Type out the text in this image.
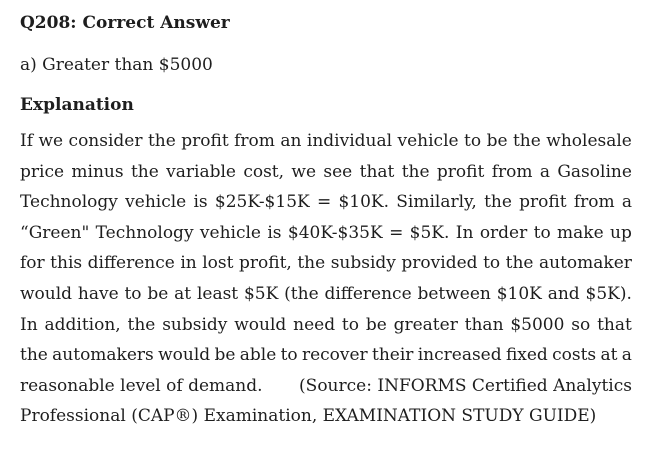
Q208: Correct Answer
a) Greater than $5000
Explanation
If we consider the profit from an individual vehicle to be the wholesale
price minus the variable cost, we see that the profit from a Gasoline
Technology vehicle is $25K-$15K = $10K. Similarly, the profit from a
“Green" Technology vehicle is $40K-$35K = $5K. In order to make up
for this difference in lost profit, the subsidy provided to the automaker
would have to be at least $5K (the difference between $10K and $5K).
In addition, the subsidy would need to be greater than $5000 so that
the automakers would be able to recover their increased fixed costs at a
reasonable level of demand. (Source: INFORMS Certified Analytics
Professional (CAP®) Examination, EXAMINATION STUDY GUIDE)
